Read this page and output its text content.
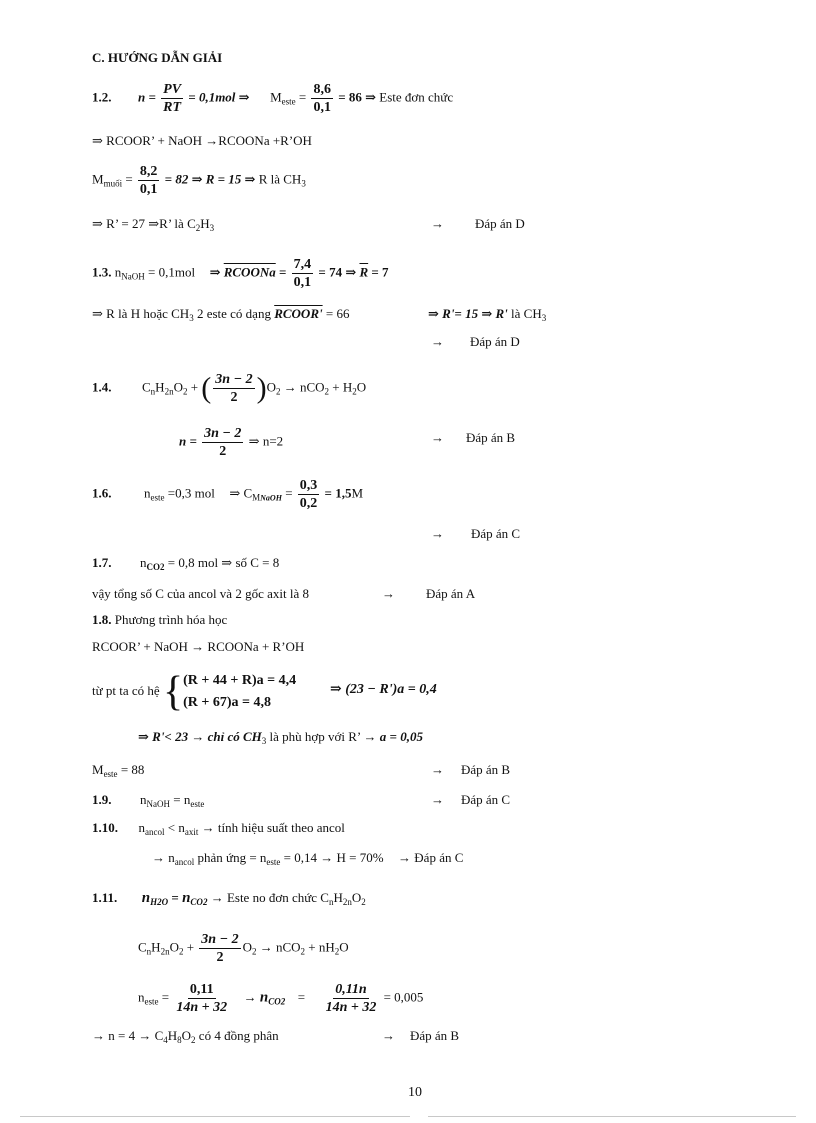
C. HƯỚNG DẪN GIẢI
1.2. $n = \frac{PV}{RT} = 0,1mol$ ⇒ $M_{este} = \frac{8,6}{0,1} = 86$ ⇒ Este đơn chức
⇒ RCOOR’ + NaOH →RCOONa +R’OH
$M_{muối} = \frac{8,2}{0,1} = 82$ ⇒ R = 15 ⇒ R là $CH_3$
⇒ R’ = 27 ⇒R’ là $C_2H_3$	→ Đáp án D
1.3. $n_{NaOH} = 0,1mol$ ⇒ RCOONa = $\frac{7,4}{0,1} = 74$ ⇒ $\overline{R} = 7$
⇒ R là H hoặc $CH_3$ 2 este có dạng RCOOR' = 66	⇒ R'= 15 ⇒ R' là $CH_3$
→ Đáp án D
1.4. $C_nH_{2n}O_2$ + ( $\frac{3n - 2}{2} )O_2 \to nCO_2 + H_2O$
$n = \frac{3n - 2}{2}$ ⇒ n=2	→ Đáp án B
1.6.	$n_{este} =0,3$ mol ⇒ $C_{MNaOH} = \frac{0,3}{0,2} = 1,5M$
→ Đáp án C
1.7. $n_{CO2} = 0,8$ mol ⇒ số C = 8
vậy tổng số C của ancol và 2 gốc axit là 8	→ Đáp án A
1.8. Phương trình hóa học
RCOOR’ + NaOH → RCOONa + R’OH
từ pt ta có hệ { (R + 44 + R)a = 4,4
(R + 67)a = 4,8
⇒ (23 − R')a = 0,4
⇒ R'< 23 → chỉ có $CH_3$ là phù hợp với R’ → a = 0,05
$M_{este} = 88$	→ Đáp án B
1.9. $n_{NaOH} = n_{este}$	→ Đáp án C
1.10. $n_{ancol} < n_{axit}$ → tính hiệu suất theo ancol
→ $n_{ancol}$ phản ứng = $n_{este} = 0,14 \to H = 70\%$ → Đáp án C
1.11. $n_{H2O} = n_{CO2}$ → Este no đơn chức $C_nH_{2n}O_2$
$C_nH_{2n}O_2 + \frac{3n - 2}{2} O_2 \to nCO_2 + nH_2O$
$n_{este} = \frac{0,11}{14n + 32} \to n_{CO2} = \frac{0,11n}{14n + 32} = 0,005$
→ $n = 4 \to C_4H_8O_2$ có 4 đồng phân	→ Đáp án B
10
